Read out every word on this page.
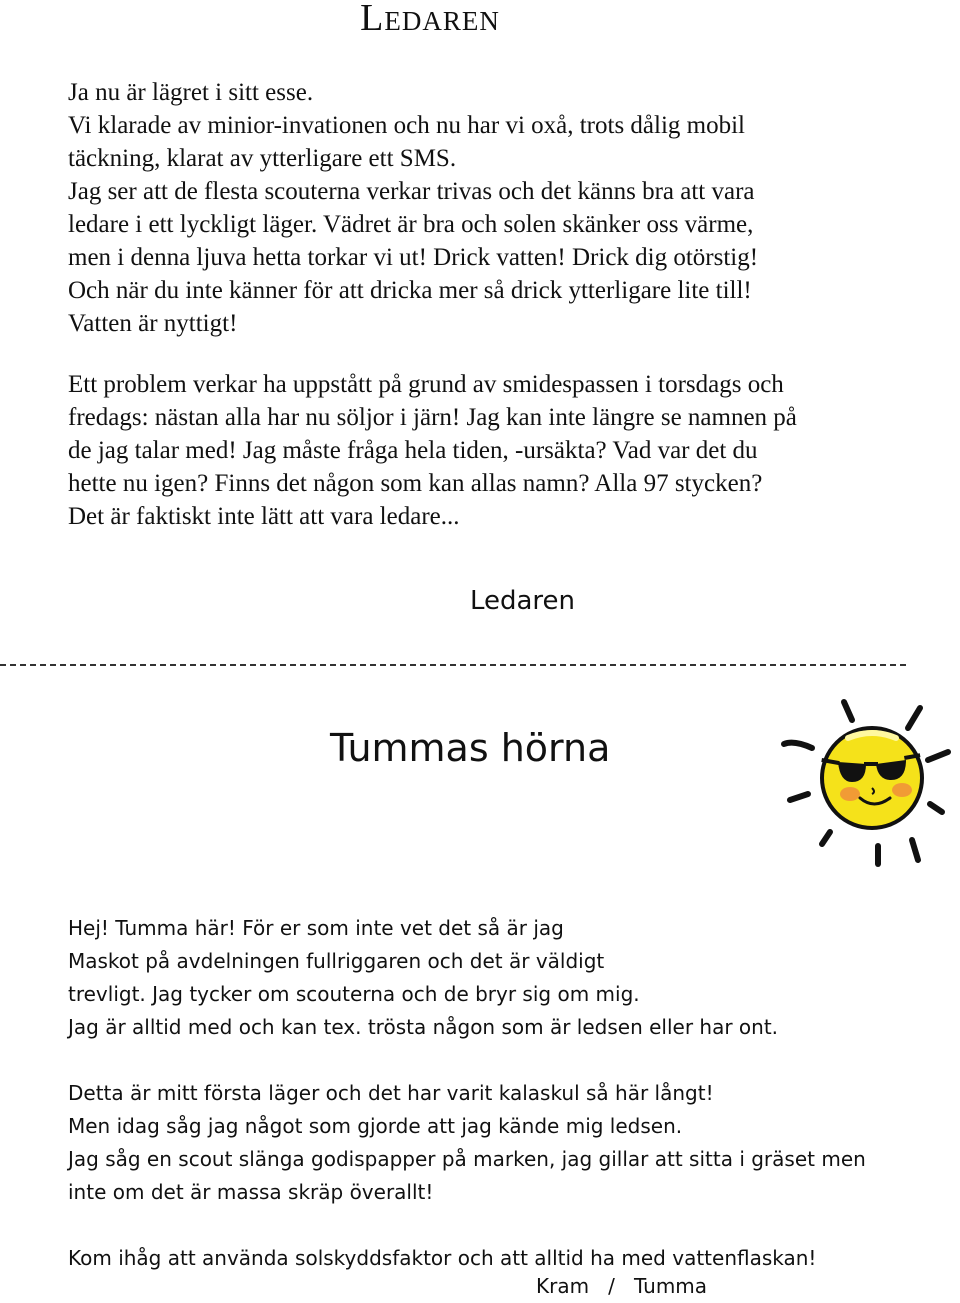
Ledaren
Ja nu är lägret i sitt esse.
Vi klarade av minior-invationen och nu har vi oxå, trots dålig mobil
täckning, klarat av ytterligare ett SMS.
Jag ser att de flesta scouterna verkar trivas och det känns bra att vara
ledare i ett lyckligt läger. Vädret är bra och solen skänker oss värme,
men i denna ljuva hetta torkar vi ut! Drick vatten! Drick dig otörstig!
Och när du inte känner för att dricka mer så drick ytterligare lite till!
Vatten är nyttigt!
Ett problem verkar ha uppstått på grund av smidespassen i torsdags och
fredags: nästan alla har nu söljor i järn! Jag kan inte längre se namnen på
de jag talar med! Jag måste fråga hela tiden, -ursäkta? Vad var det du
hette nu igen? Finns det någon som kan allas namn? Alla 97 stycken?
Det är faktiskt inte lätt att vara ledare...
Ledaren
Tummas hörna
Hej! Tumma här! För er som inte vet det så är jag
Maskot på avdelningen fullriggaren och det är väldigt
trevligt. Jag tycker om scouterna och de bryr sig om mig.
Jag är alltid med och kan tex. trösta någon som är ledsen eller har ont.
Detta är mitt första läger och det har varit kalaskul så här långt!
Men idag såg jag något som gjorde att jag kände mig ledsen.
Jag såg en scout slänga godispapper på marken, jag gillar att sitta i gräset men
inte om det är massa skräp överallt!
Kom ihåg att använda solskyddsfaktor och att alltid ha med vattenflaskan!
Kram   /   Tumma
